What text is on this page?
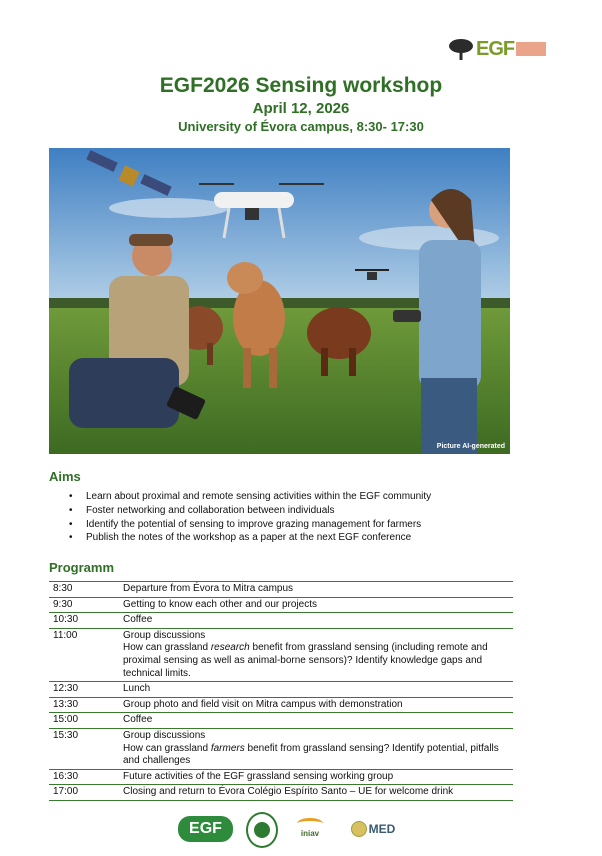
EGF
EGF2026 Sensing workshop
April 12, 2026
University of Évora campus, 8:30- 17:30
Picture AI-generated
Aims
• Learn about proximal and remote sensing activities within the EGF community
• Foster networking and collaboration between individuals
• Identify the potential of sensing to improve grazing management for farmers
• Publish the notes of the workshop as a paper at the next EGF conference
Programm
8:30	Departure from Évora to Mitra campus
9:30	Getting to know each other and our projects
10:30	Coffee
11:00	Group discussions
How can grassland research benefit from grassland sensing (including remote and proximal sensing as well as animal-borne sensors)? Identify knowledge gaps and technical limits.

12:30	Lunch
13:30	Group photo and field visit on Mitra campus with demonstration
15:00	Coffee
15:30	Group discussions
How can grassland farmers benefit from grassland sensing? Identify potential, pitfalls and challenges

16:30	Future activities of the EGF grassland sensing working group
17:00	Closing and return to Évora Colégio Espírito Santo – UE for welcome drink
EGF	iniav	MED
